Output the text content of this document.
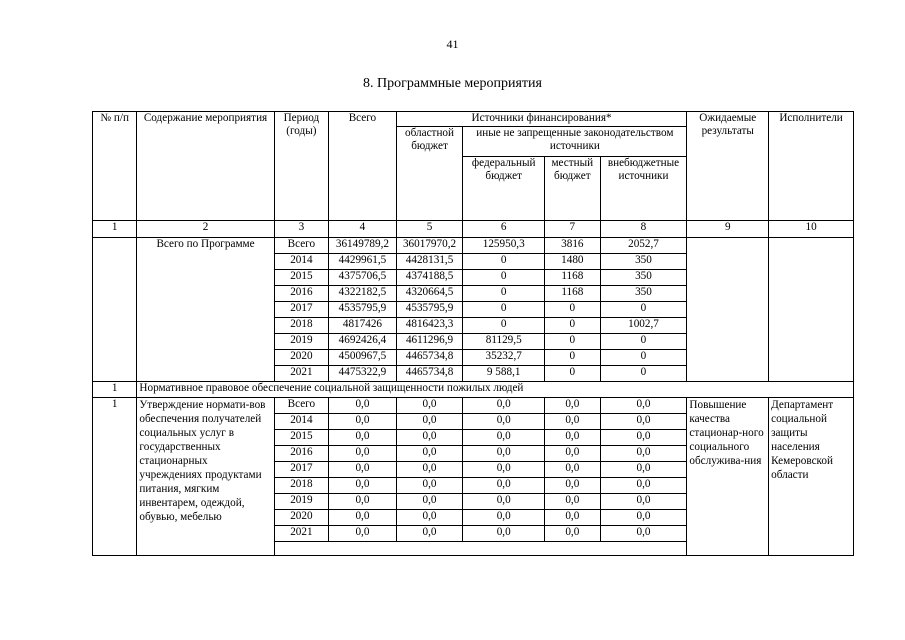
41
8. Программные мероприятия
№ п/п	Содержание мероприятия	Период (годы)	Всего	Источники финансирования*				Ожидаемые результаты	Исполнители
				областной бюджет	иные не запрещенные законодательством источники				
					федеральный бюджет	местный бюджет	внебюджетные источники		
1	2	3	4	5	6	7	8	9	10
	Всего по Программе	Всего	36149789,2	36017970,2	125950,3	3816	2052,7		
		2014	4429961,5	4428131,5	0	1480	350		
		2015	4375706,5	4374188,5	0	1168	350		
		2016	4322182,5	4320664,5	0	1168	350		
		2017	4535795,9	4535795,9	0	0	0		
		2018	4817426	4816423,3	0	0	1002,7		
		2019	4692426,4	4611296,9	81129,5	0	0		
		2020	4500967,5	4465734,8	35232,7	0	0		
		2021	4475322,9	4465734,8	9 588,1	0	0		
1	Нормативное правовое обеспечение социальной защищенности пожилых людей								
1	Утверждение нормати-вов обеспечения получателей социальных услуг в государственных стационарных учреждениях продуктами питания, мягким инвентарем, одеждой, обувью, мебелью	Всего	0,0	0,0	0,0	0,0	0,0	Повышение качества стационар-ного социального обслужива-ния	Департамент социальной защиты населения Кемеровской области
		2014	0,0	0,0	0,0	0,0	0,0		
		2015	0,0	0,0	0,0	0,0	0,0		
		2016	0,0	0,0	0,0	0,0	0,0		
		2017	0,0	0,0	0,0	0,0	0,0		
		2018	0,0	0,0	0,0	0,0	0,0		
		2019	0,0	0,0	0,0	0,0	0,0		
		2020	0,0	0,0	0,0	0,0	0,0		
		2021	0,0	0,0	0,0	0,0	0,0		
